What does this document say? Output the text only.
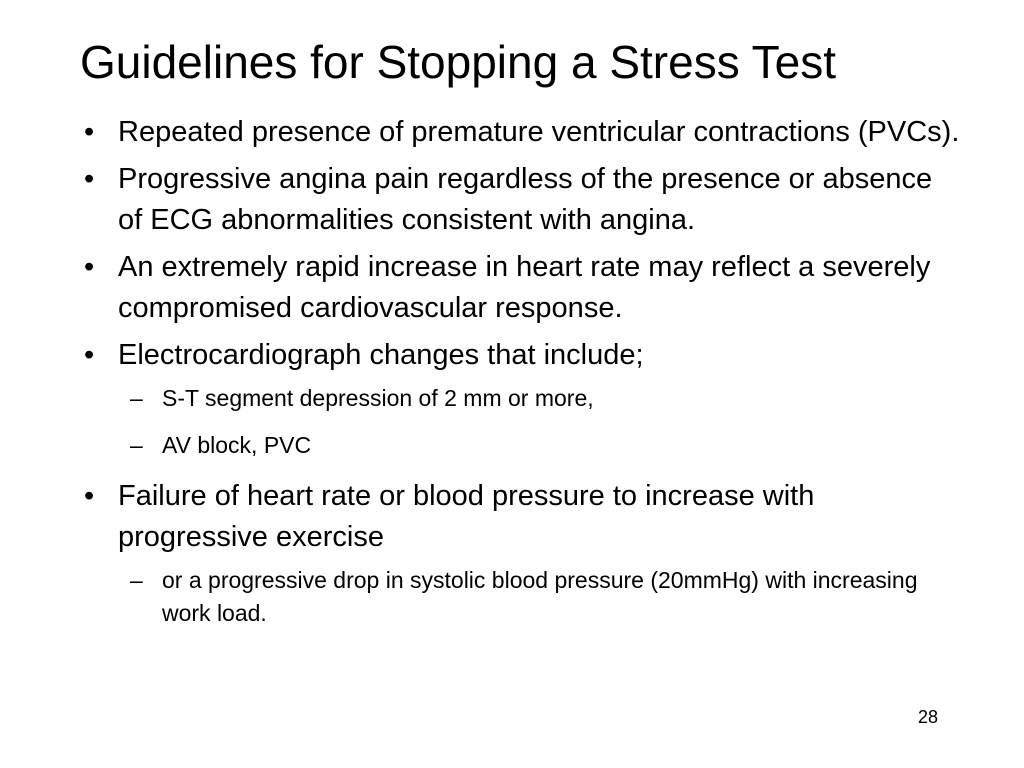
Guidelines for Stopping a Stress Test
• Repeated presence of premature ventricular contractions (PVCs).
• Progressive angina pain regardless of the presence or absence of ECG abnormalities consistent with angina.
• An extremely rapid increase in heart rate may reflect a severely compromised cardiovascular response.
• Electrocardiograph changes that include;
– S-T segment depression of 2 mm or more,
– AV block, PVC
• Failure of heart rate or blood pressure to increase with progressive exercise
– or a progressive drop in systolic blood pressure (20mmHg) with increasing work load.
28
